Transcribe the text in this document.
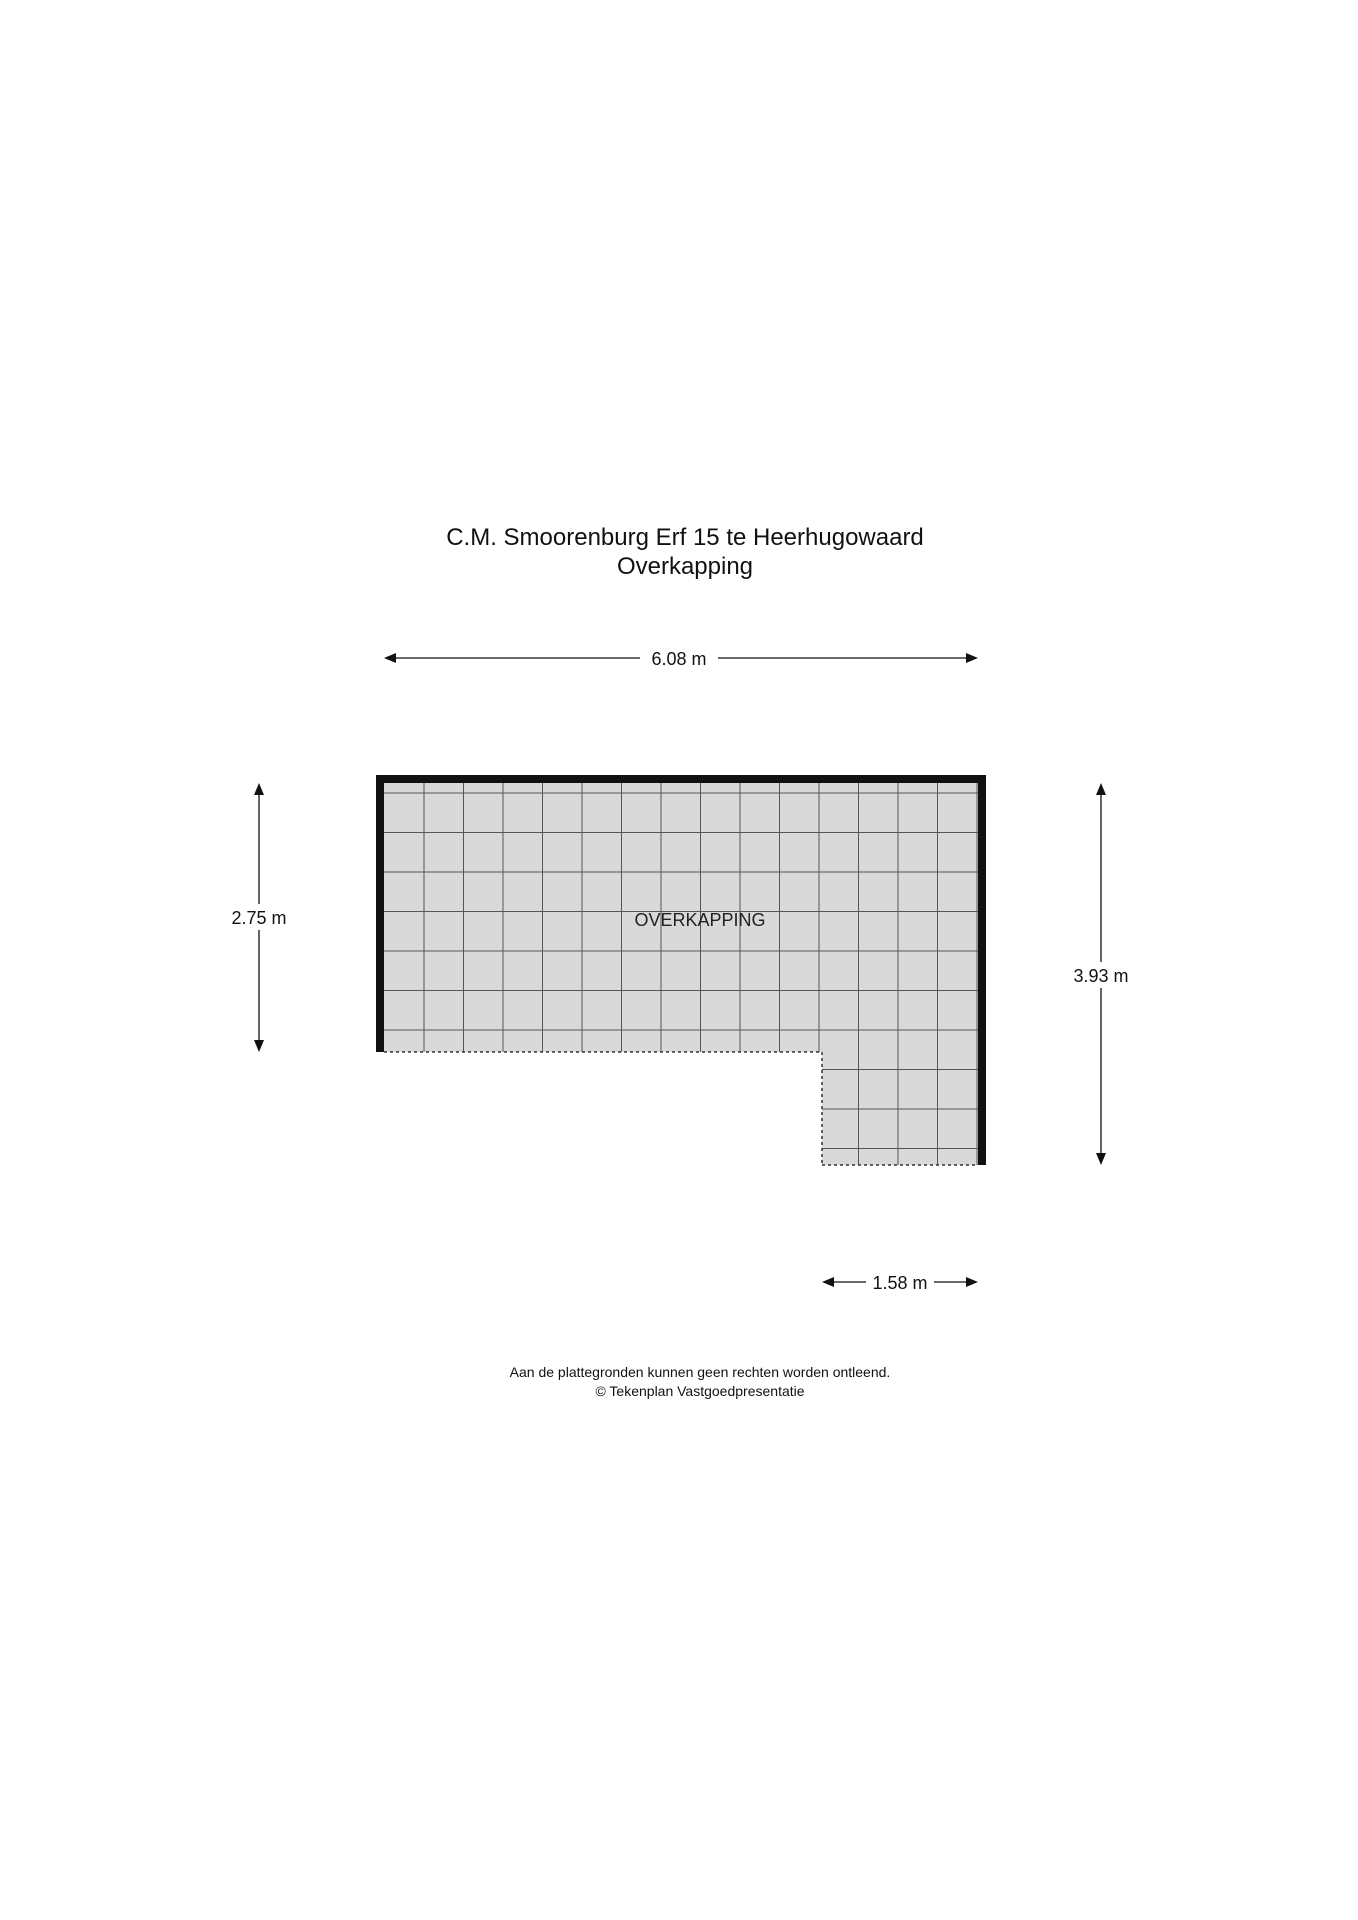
C.M. Smoorenburg Erf 15 te Heerhugowaard
Overkapping
OVERKAPPING
6.08 m
2.75 m
3.93 m
1.58 m
Aan de plattegronden kunnen geen rechten worden ontleend.
© Tekenplan Vastgoedpresentatie
